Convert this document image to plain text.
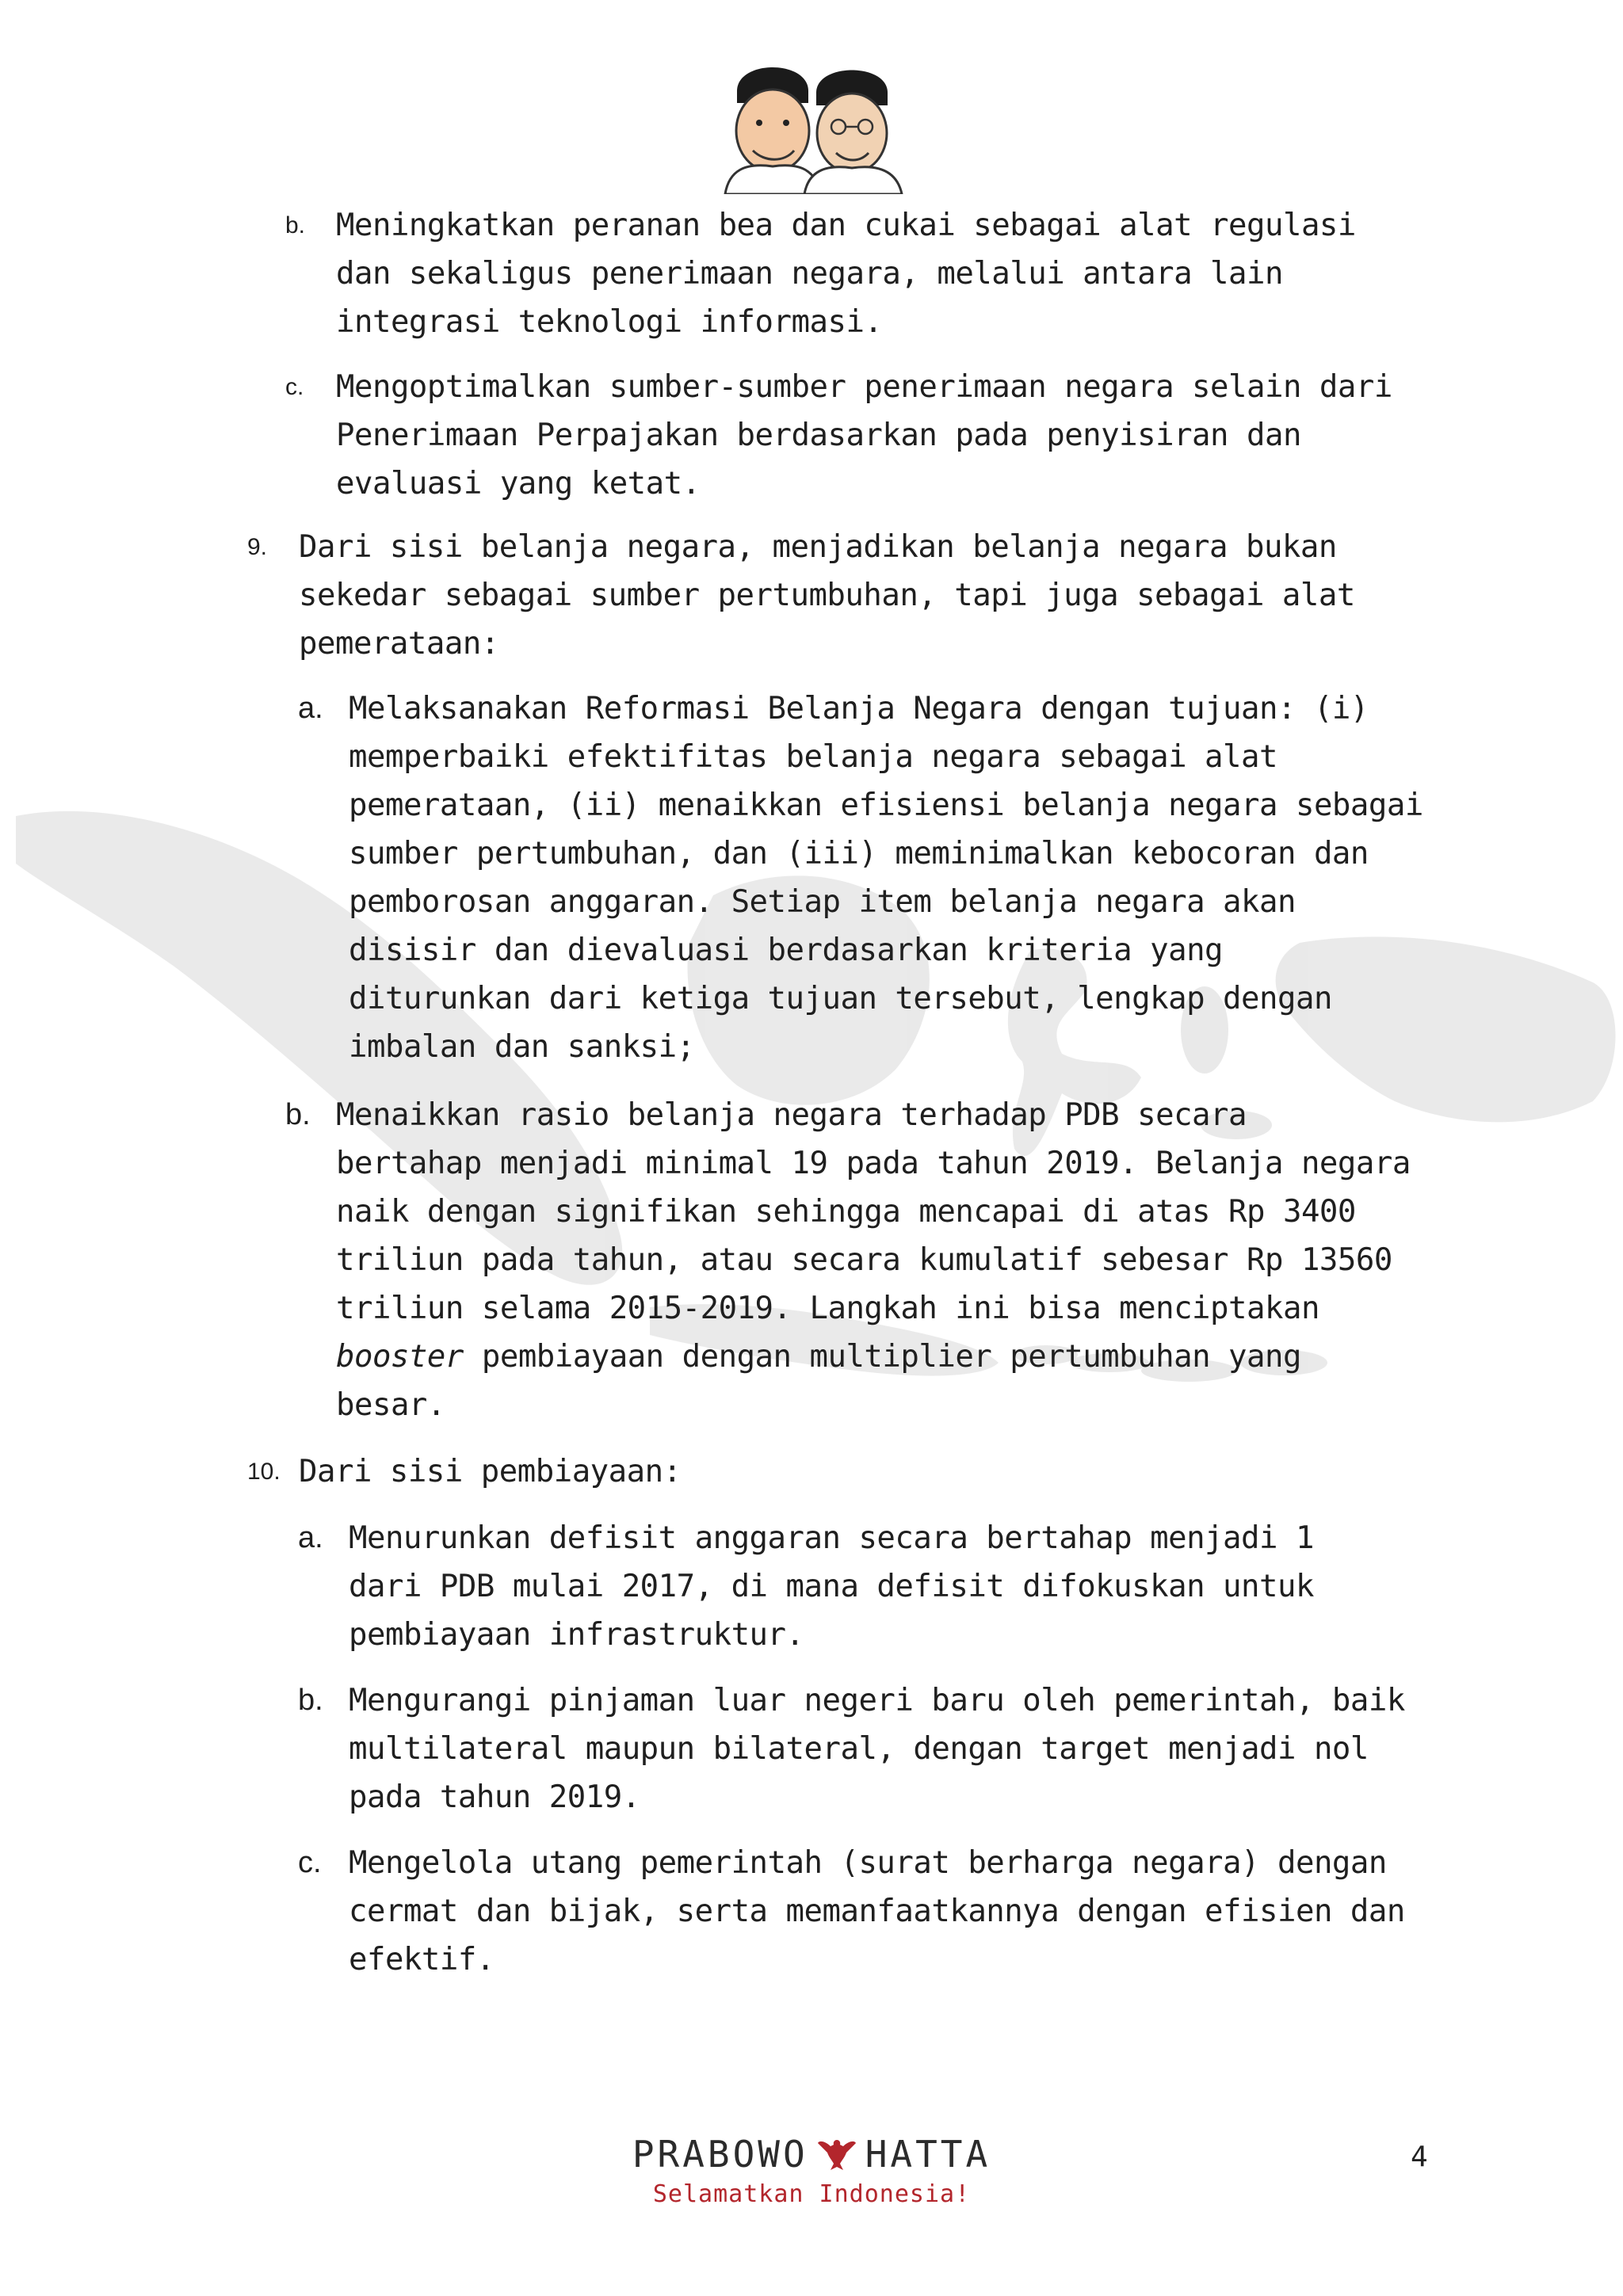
Meningkatkan peranan bea dan cukai sebagai alat regulasi
dan sekaligus penerimaan negara, melalui antara lain
integrasi teknologi informasi.
b.
Mengoptimalkan sumber-sumber penerimaan negara selain dari
Penerimaan Perpajakan berdasarkan pada penyisiran dan
evaluasi yang ketat.
c.
Dari sisi belanja negara, menjadikan belanja negara bukan
sekedar sebagai sumber pertumbuhan, tapi juga sebagai alat
pemerataan:
9.
Melaksanakan Reformasi Belanja Negara dengan tujuan: (i)
memperbaiki efektifitas belanja negara sebagai alat
pemerataan, (ii) menaikkan efisiensi belanja negara sebagai
sumber pertumbuhan, dan (iii) meminimalkan kebocoran dan
pemborosan anggaran. Setiap item belanja negara akan
disisir dan dievaluasi berdasarkan kriteria yang
diturunkan dari ketiga tujuan tersebut, lengkap dengan
imbalan dan sanksi;
a.
Menaikkan rasio belanja negara terhadap PDB secara
bertahap menjadi minimal 19 pada tahun 2019. Belanja negara
naik dengan signifikan sehingga mencapai di atas Rp 3400
triliun pada tahun, atau secara kumulatif sebesar Rp 13560
triliun selama 2015-2019. Langkah ini bisa menciptakan
booster pembiayaan dengan multiplier pertumbuhan yang
besar.
b.
Dari sisi pembiayaan:
10.
Menurunkan defisit anggaran secara bertahap menjadi 1
dari PDB mulai 2017, di mana defisit difokuskan untuk
pembiayaan infrastruktur.
a.
Mengurangi pinjaman luar negeri baru oleh pemerintah, baik
multilateral maupun bilateral, dengan target menjadi nol
pada tahun 2019.
b.
Mengelola utang pemerintah (surat berharga negara) dengan
cermat dan bijak, serta memanfaatkannya dengan efisien dan
efektif.
c.
PRABOWO HATTA
Selamatkan Indonesia!
4
